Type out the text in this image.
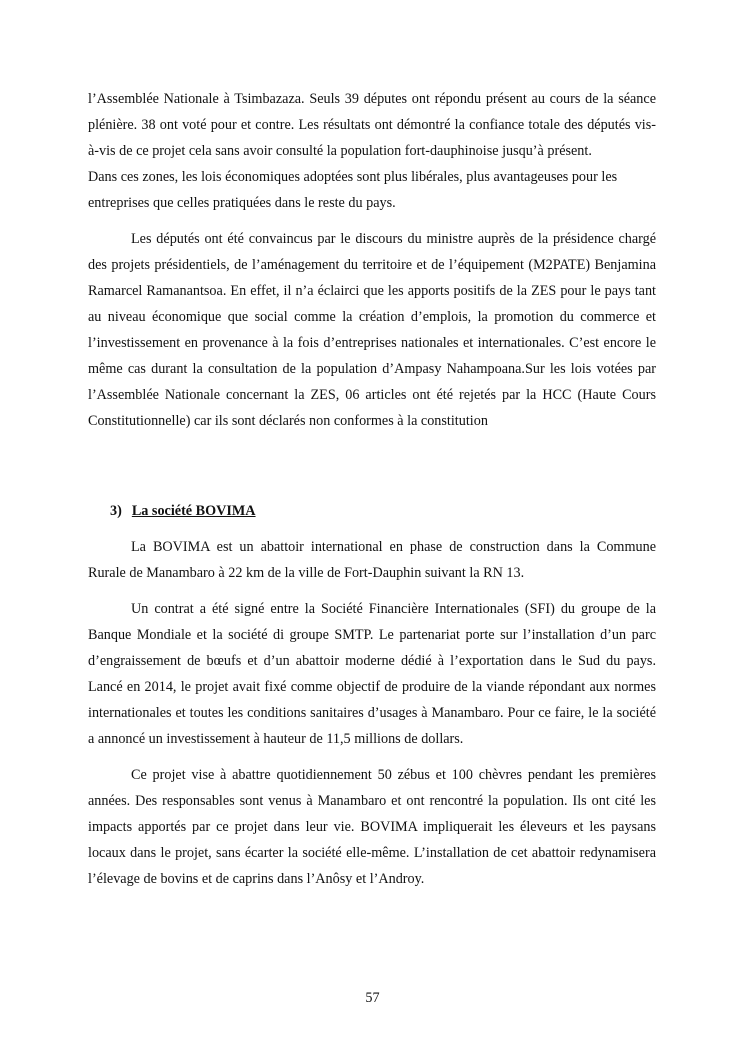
l’Assemblée Nationale à Tsimbazaza. Seuls 39 députes ont répondu présent au cours de la séance plénière. 38 ont voté pour et contre. Les résultats ont démontré la confiance totale des députés vis-à-vis de ce projet cela sans avoir consulté la population fort-dauphinoise jusqu’à présent.

Dans ces zones, les lois économiques adoptées sont plus libérales, plus avantageuses pour les entreprises que celles pratiquées dans le reste du pays.

Les députés ont été convaincus par le discours du ministre auprès de la présidence chargé des projets présidentiels, de l’aménagement du territoire et de l’équipement (M2PATE) Benjamina Ramarcel Ramanantsoa. En effet, il n’a éclairci que les apports positifs de la ZES pour le pays tant au niveau économique que social comme la création d’emplois, la promotion du commerce et l’investissement en provenance à la fois d’entreprises nationales et internationales. C’est encore le même cas durant la consultation de la population d’Ampasy Nahampoana.Sur les lois votées par l’Assemblée Nationale concernant la ZES, 06 articles ont été rejetés par la HCC (Haute Cours Constitutionnelle) car ils sont déclarés non conformes à la constitution

3) La société BOVIMA

La BOVIMA est un abattoir international en phase de construction dans la Commune Rurale de Manambaro à 22 km de la ville de Fort-Dauphin suivant la RN 13.

Un contrat a été signé entre la Société Financière Internationales (SFI) du groupe de la Banque Mondiale et la société di groupe SMTP. Le partenariat porte sur l’installation d’un parc d’engraissement de bœufs et d’un abattoir moderne dédié à l’exportation dans le Sud du pays. Lancé en 2014, le projet avait fixé comme objectif de produire de la viande répondant aux normes internationales et toutes les conditions sanitaires d’usages à Manambaro. Pour ce faire, le la société a annoncé un investissement à hauteur de 11,5 millions de dollars.

Ce projet vise à abattre quotidiennement 50 zébus et 100 chèvres pendant les premières années. Des responsables sont venus à Manambaro et ont rencontré la population. Ils ont cité les impacts apportés par ce projet dans leur vie. BOVIMA impliquerait les éleveurs et les paysans locaux dans le projet, sans écarter la société elle-même. L’installation de cet abattoir redynamisera l’élevage de bovins et de caprins dans l’Anôsy et l’Androy.

57
